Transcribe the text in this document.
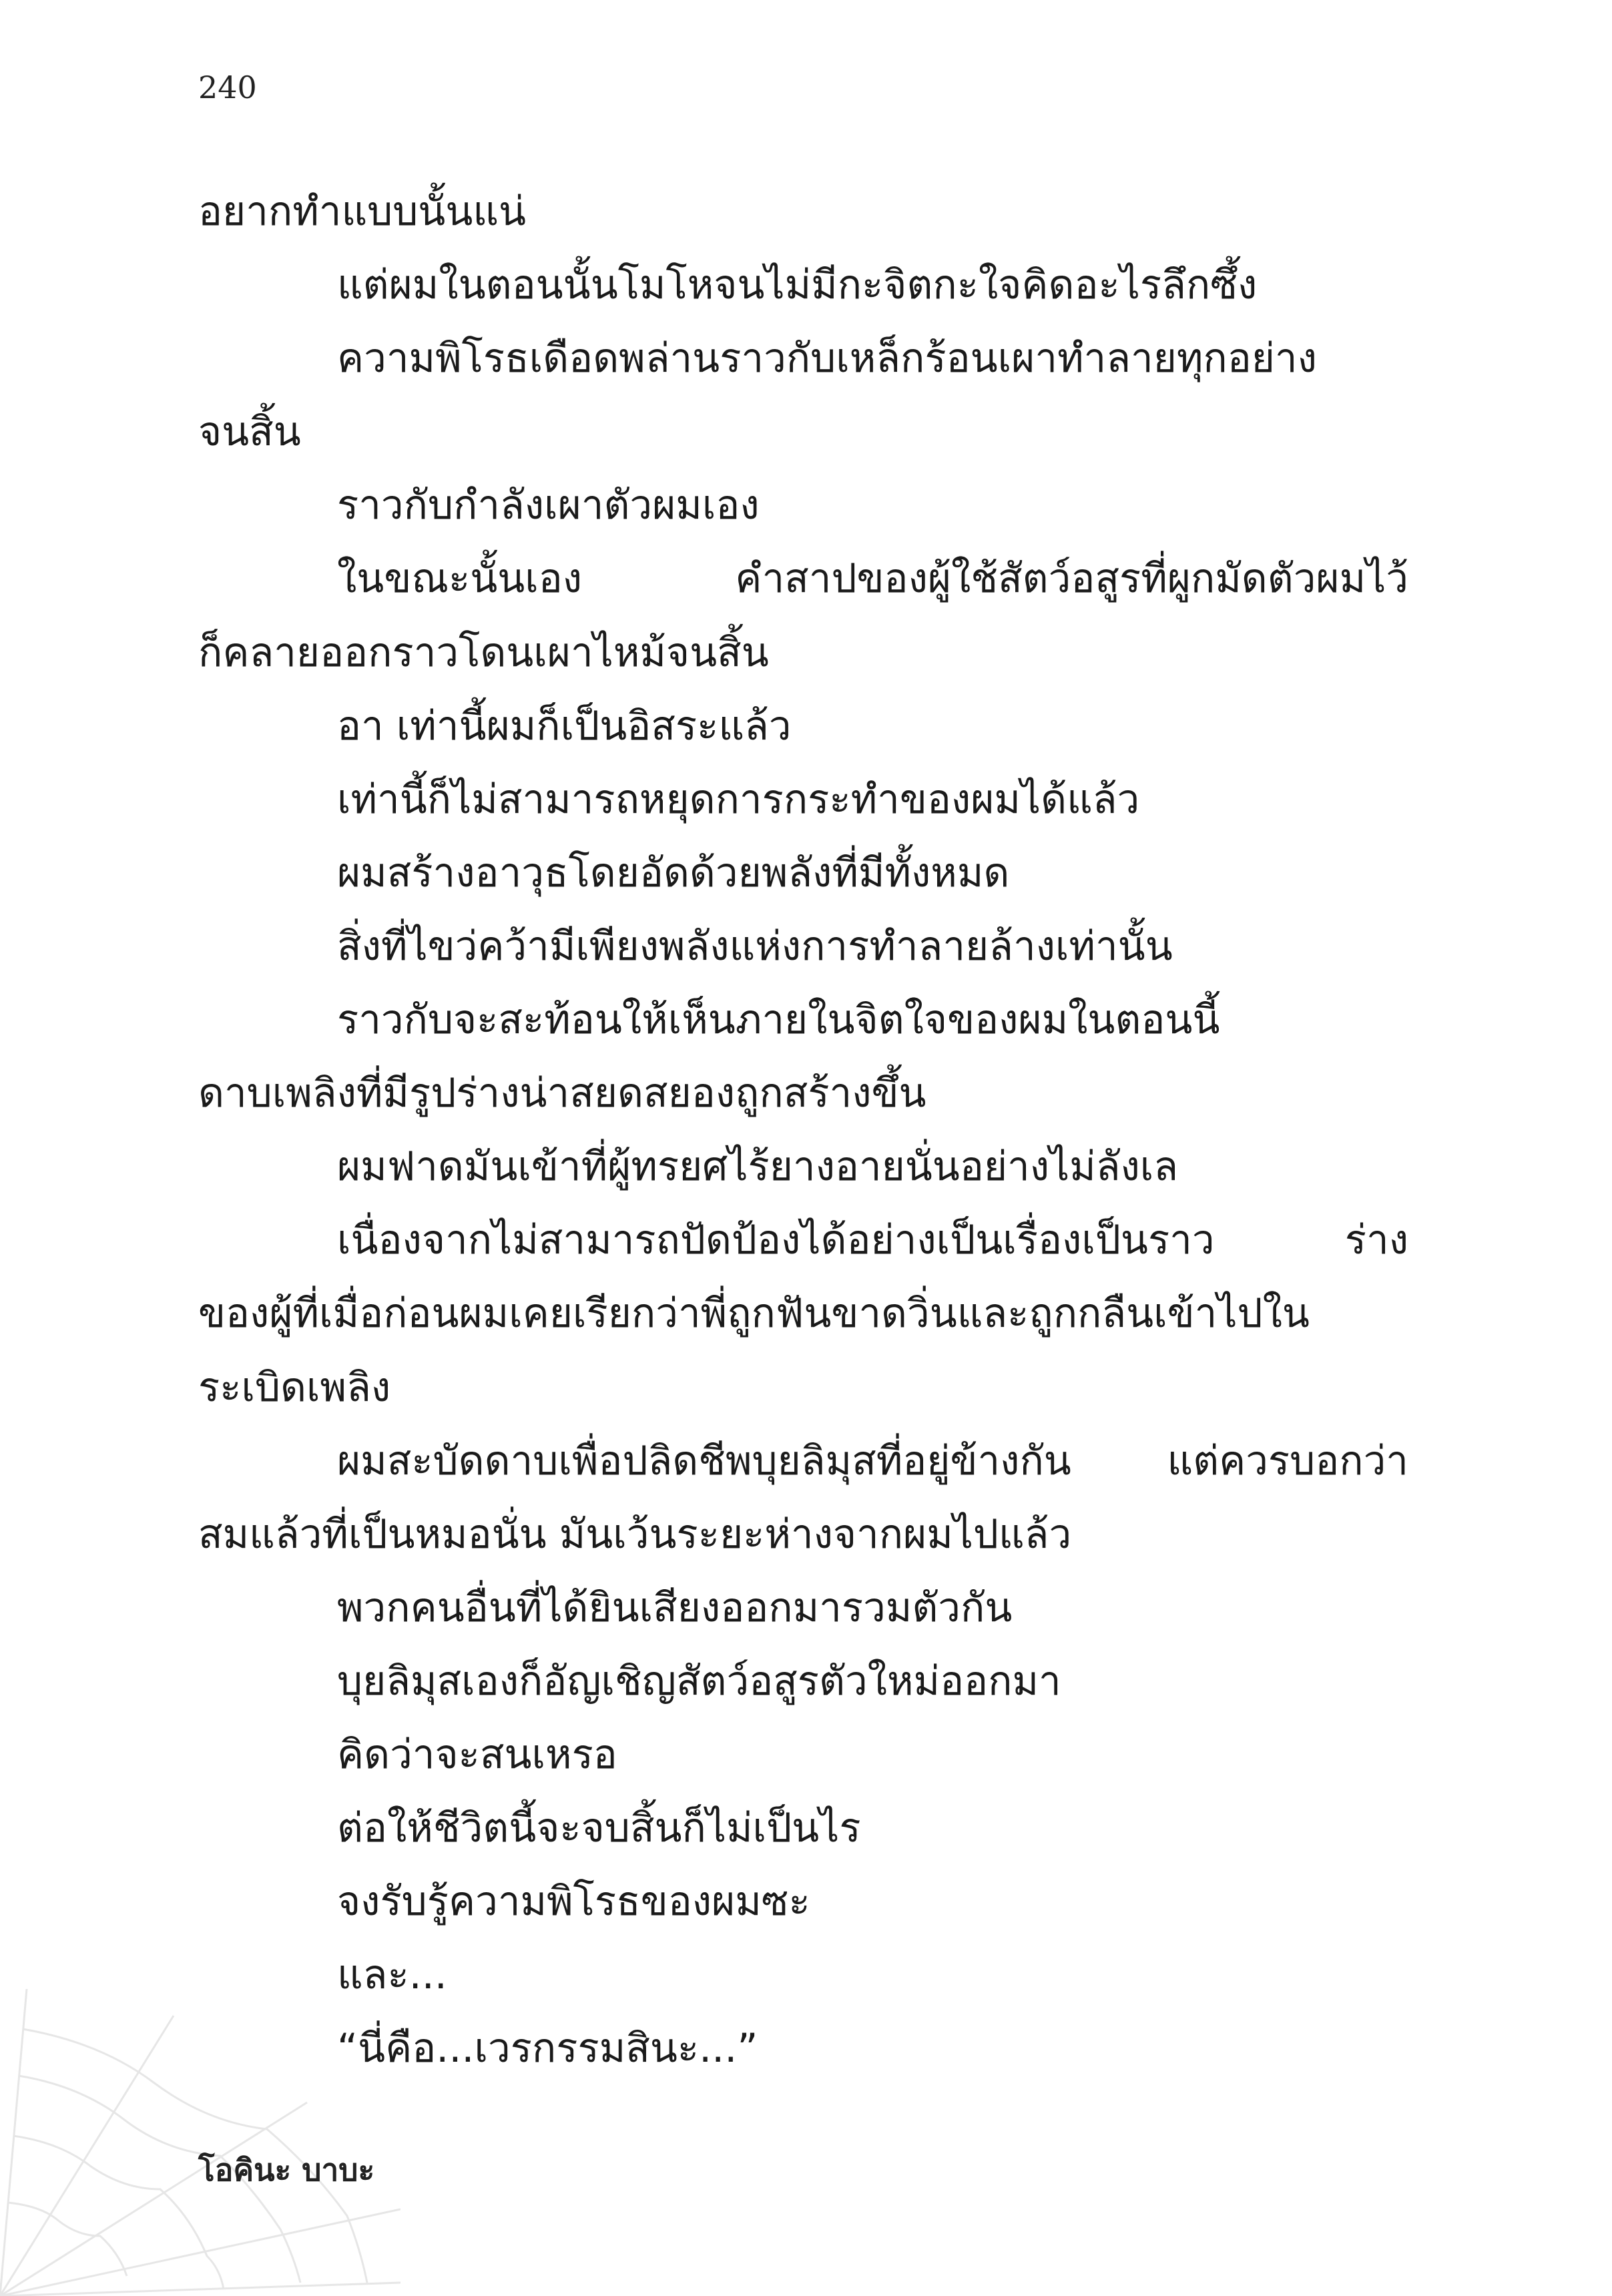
240
อยากทำแบบนั้นแน่
แต่ผมในตอนนั้นโมโหจนไม่มีกะจิตกะใจคิดอะไรลึกซึ้ง
ความพิโรธเดือดพล่านราวกับเหล็กร้อนเผาทำลายทุกอย่าง
จนสิ้น
ราวกับกำลังเผาตัวผมเอง
ในขณะนั้นเอง คำสาปของผู้ใช้สัตว์อสูรที่ผูกมัดตัวผมไว้
ก็คลายออกราวโดนเผาไหม้จนสิ้น
อา เท่านี้ผมก็เป็นอิสระแล้ว
เท่านี้ก็ไม่สามารถหยุดการกระทำของผมได้แล้ว
ผมสร้างอาวุธโดยอัดด้วยพลังที่มีทั้งหมด
สิ่งที่ไขว่คว้ามีเพียงพลังแห่งการทำลายล้างเท่านั้น
ราวกับจะสะท้อนให้เห็นภายในจิตใจของผมในตอนนี้
ดาบเพลิงที่มีรูปร่างน่าสยดสยองถูกสร้างขึ้น
ผมฟาดมันเข้าที่ผู้ทรยศไร้ยางอายนั่นอย่างไม่ลังเล
เนื่องจากไม่สามารถปัดป้องได้อย่างเป็นเรื่องเป็นราว ร่าง
ของผู้ที่เมื่อก่อนผมเคยเรียกว่าพี่ถูกฟันขาดวิ่นและถูกกลืนเข้าไปใน
ระเบิดเพลิง
ผมสะบัดดาบเพื่อปลิดชีพบุยลิมุสที่อยู่ข้างกัน แต่ควรบอกว่า
สมแล้วที่เป็นหมอนั่น มันเว้นระยะห่างจากผมไปแล้ว
พวกคนอื่นที่ได้ยินเสียงออกมารวมตัวกัน
บุยลิมุสเองก็อัญเชิญสัตว์อสูรตัวใหม่ออกมา
คิดว่าจะสนเหรอ
ต่อให้ชีวิตนี้จะจบสิ้นก็ไม่เป็นไร
จงรับรู้ความพิโรธของผมซะ
และ...
“นี่คือ...เวรกรรมสินะ...”
โอคินะ บาบะ
